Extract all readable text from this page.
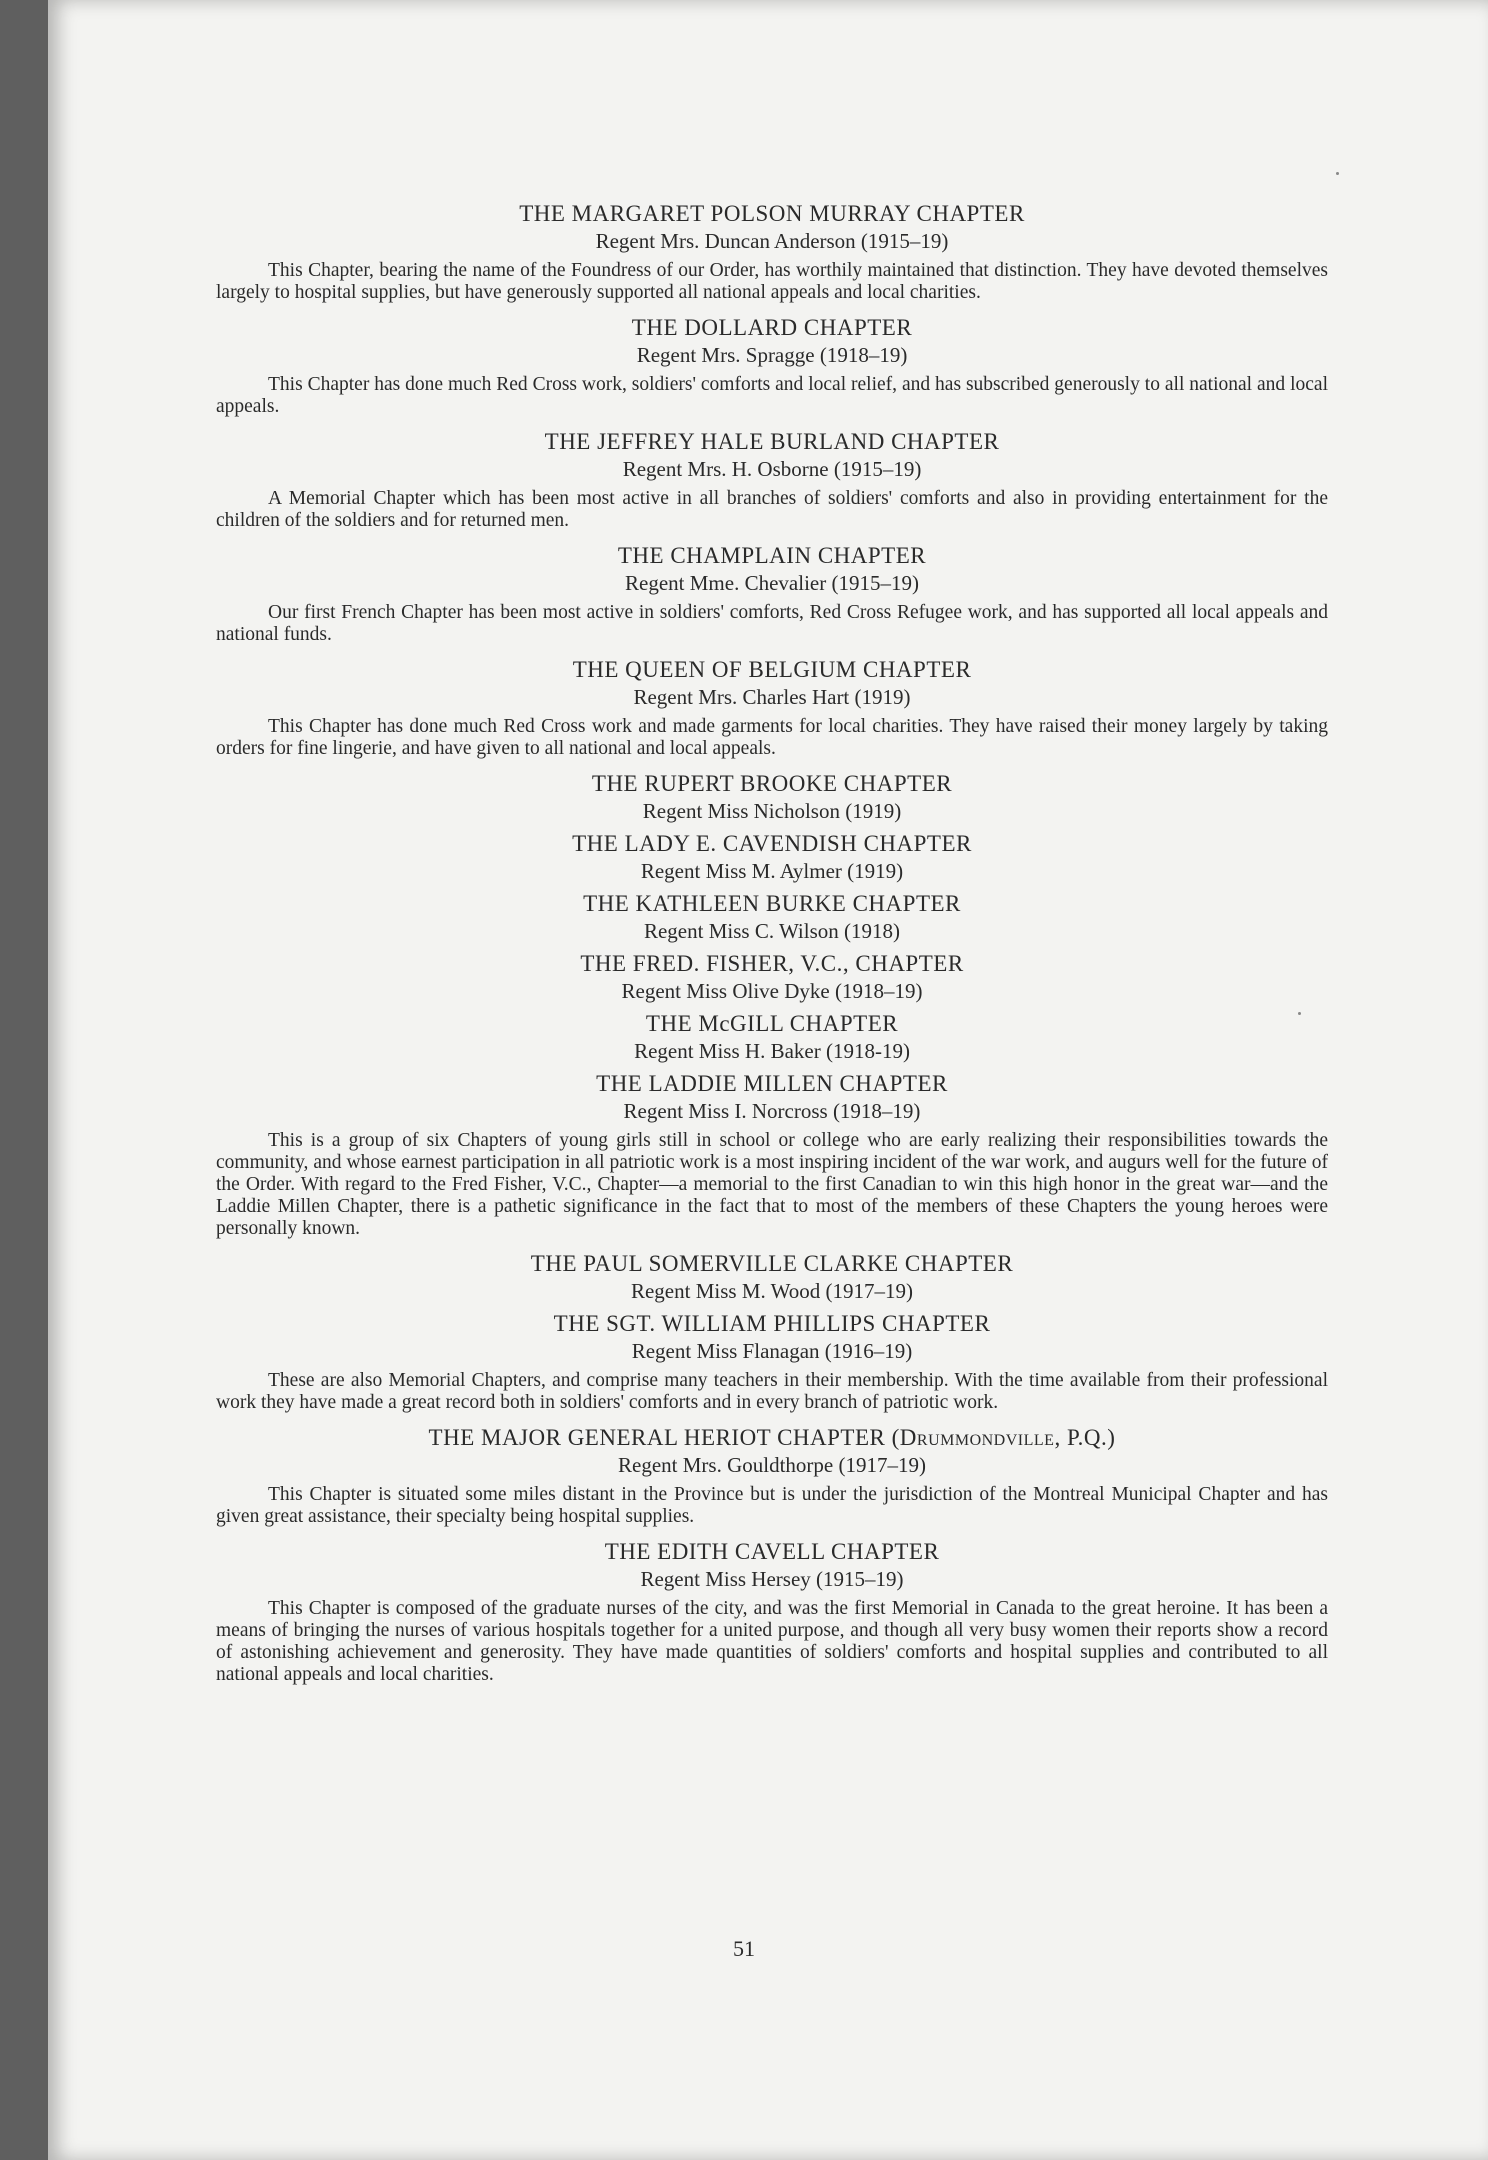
THE MARGARET POLSON MURRAY CHAPTER

Regent Mrs. Duncan Anderson (1915–19)

This Chapter, bearing the name of the Foundress of our Order, has worthily maintained that distinction. They have devoted themselves largely to hospital supplies, but have generously supported all national appeals and local charities.

THE DOLLARD CHAPTER

Regent Mrs. Spragge (1918–19)

This Chapter has done much Red Cross work, soldiers' comforts and local relief, and has subscribed generously to all national and local appeals.

THE JEFFREY HALE BURLAND CHAPTER

Regent Mrs. H. Osborne (1915–19)

A Memorial Chapter which has been most active in all branches of soldiers' comforts and also in providing entertainment for the children of the soldiers and for returned men.

THE CHAMPLAIN CHAPTER

Regent Mme. Chevalier (1915–19)

Our first French Chapter has been most active in soldiers' comforts, Red Cross Refugee work, and has supported all local appeals and national funds.

THE QUEEN OF BELGIUM CHAPTER

Regent Mrs. Charles Hart (1919)

This Chapter has done much Red Cross work and made garments for local charities. They have raised their money largely by taking orders for fine lingerie, and have given to all national and local appeals.

THE RUPERT BROOKE CHAPTER

Regent Miss Nicholson (1919)

THE LADY E. CAVENDISH CHAPTER

Regent Miss M. Aylmer (1919)

THE KATHLEEN BURKE CHAPTER

Regent Miss C. Wilson (1918)

THE FRED. FISHER, V.C., CHAPTER

Regent Miss Olive Dyke (1918–19)

THE McGILL CHAPTER

Regent Miss H. Baker (1918-19)

THE LADDIE MILLEN CHAPTER

Regent Miss I. Norcross (1918–19)

This is a group of six Chapters of young girls still in school or college who are early realizing their responsibilities towards the community, and whose earnest participation in all patriotic work is a most inspiring incident of the war work, and augurs well for the future of the Order. With regard to the Fred Fisher, V.C., Chapter—a memorial to the first Canadian to win this high honor in the great war—and the Laddie Millen Chapter, there is a pathetic significance in the fact that to most of the members of these Chapters the young heroes were personally known.

THE PAUL SOMERVILLE CLARKE CHAPTER

Regent Miss M. Wood (1917–19)

THE SGT. WILLIAM PHILLIPS CHAPTER

Regent Miss Flanagan (1916–19)

These are also Memorial Chapters, and comprise many teachers in their membership. With the time available from their professional work they have made a great record both in soldiers' comforts and in every branch of patriotic work.

THE MAJOR GENERAL HERIOT CHAPTER (Drummondville, P.Q.)

Regent Mrs. Gouldthorpe (1917–19)

This Chapter is situated some miles distant in the Province but is under the jurisdiction of the Montreal Municipal Chapter and has given great assistance, their specialty being hospital supplies.

THE EDITH CAVELL CHAPTER

Regent Miss Hersey (1915–19)

This Chapter is composed of the graduate nurses of the city, and was the first Memorial in Canada to the great heroine. It has been a means of bringing the nurses of various hospitals together for a united purpose, and though all very busy women their reports show a record of astonishing achievement and generosity. They have made quantities of soldiers' comforts and hospital supplies and contributed to all national appeals and local charities.

51
